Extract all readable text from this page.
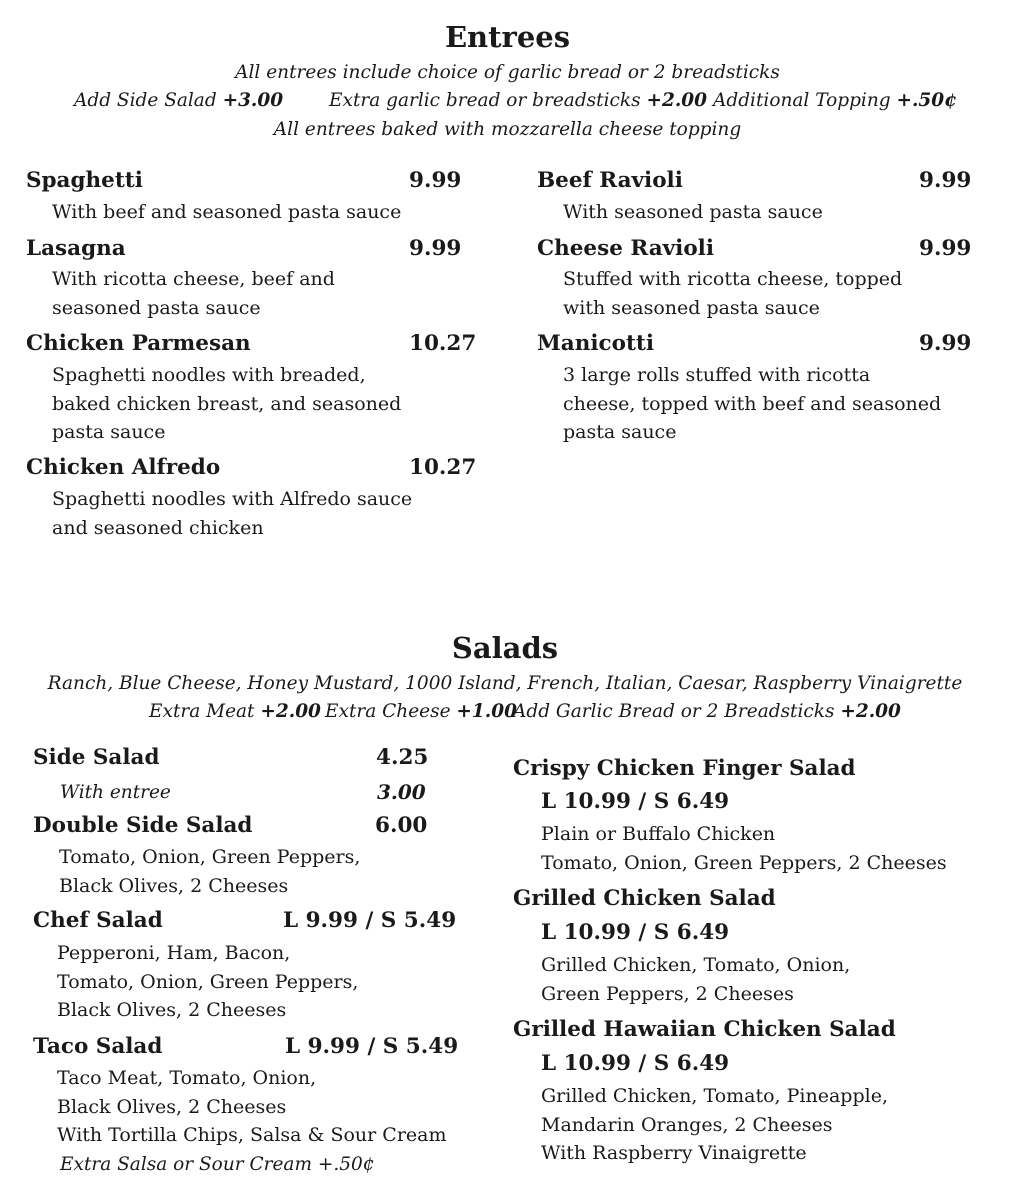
Entrees
All entrees include choice of garlic bread or 2 breadsticks
Add Side Salad +3.00 Extra garlic bread or breadsticks +2.00 Additional Topping +.50¢
All entrees baked with mozzarella cheese topping
Spaghetti	9.99
With beef and seasoned pasta sauce
Lasagna	9.99
With ricotta cheese, beef and
seasoned pasta sauce
Chicken Parmesan	10.27
Spaghetti noodles with breaded,
baked chicken breast, and seasoned
pasta sauce
Chicken Alfredo	10.27
Spaghetti noodles with Alfredo sauce
and seasoned chicken
Beef Ravioli	9.99
With seasoned pasta sauce
Cheese Ravioli	9.99
Stuffed with ricotta cheese, topped
with seasoned pasta sauce
Manicotti	9.99
3 large rolls stuffed with ricotta
cheese, topped with beef and seasoned
pasta sauce
Salads
Ranch, Blue Cheese, Honey Mustard, 1000 Island, French, Italian, Caesar, Raspberry Vinaigrette
Extra Meat +2.00 Extra Cheese +1.00
Add Garlic Bread or 2 Breadsticks +2.00
Side Salad	4.25
With entree	3.00
Double Side Salad	6.00
Tomato, Onion, Green Peppers,
Black Olives, 2 Cheeses
Chef Salad	L 9.99 / S 5.49
Pepperoni, Ham, Bacon,
Tomato, Onion, Green Peppers,
Black Olives, 2 Cheeses
Taco Salad	L 9.99 / S 5.49
Taco Meat, Tomato, Onion,
Black Olives, 2 Cheeses
With Tortilla Chips, Salsa & Sour Cream
Extra Salsa or Sour Cream +.50¢
Crispy Chicken Finger Salad
L 10.99 / S 6.49
Plain or Buffalo Chicken
Tomato, Onion, Green Peppers, 2 Cheeses
Grilled Chicken Salad
L 10.99 / S 6.49
Grilled Chicken, Tomato, Onion,
Green Peppers, 2 Cheeses
Grilled Hawaiian Chicken Salad
L 10.99 / S 6.49
Grilled Chicken, Tomato, Pineapple,
Mandarin Oranges, 2 Cheeses
With Raspberry Vinaigrette
